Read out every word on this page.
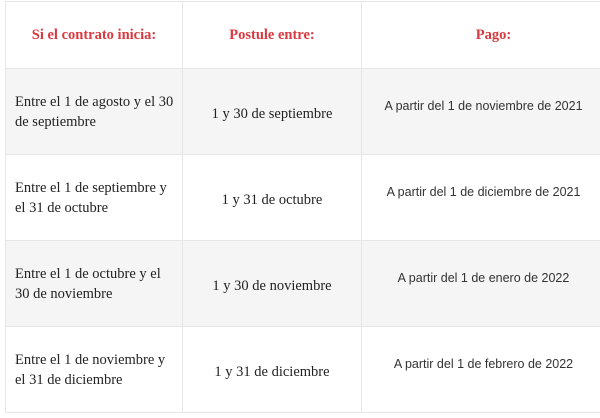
Si el contrato inicia:	Postule entre:	Pago:
Entre el 1 de agosto y el 30 de septiembre	1 y 30 de septiembre	A partir del 1 de noviembre de 2021
Entre el 1 de septiembre y el 31 de octubre	1 y 31 de octubre	A partir del 1 de diciembre de 2021
Entre el 1 de octubre y el 30 de noviembre	1 y 30 de noviembre	A partir del 1 de enero de 2022
Entre el 1 de noviembre y el 31 de diciembre	1 y 31 de diciembre	A partir del 1 de febrero de 2022
